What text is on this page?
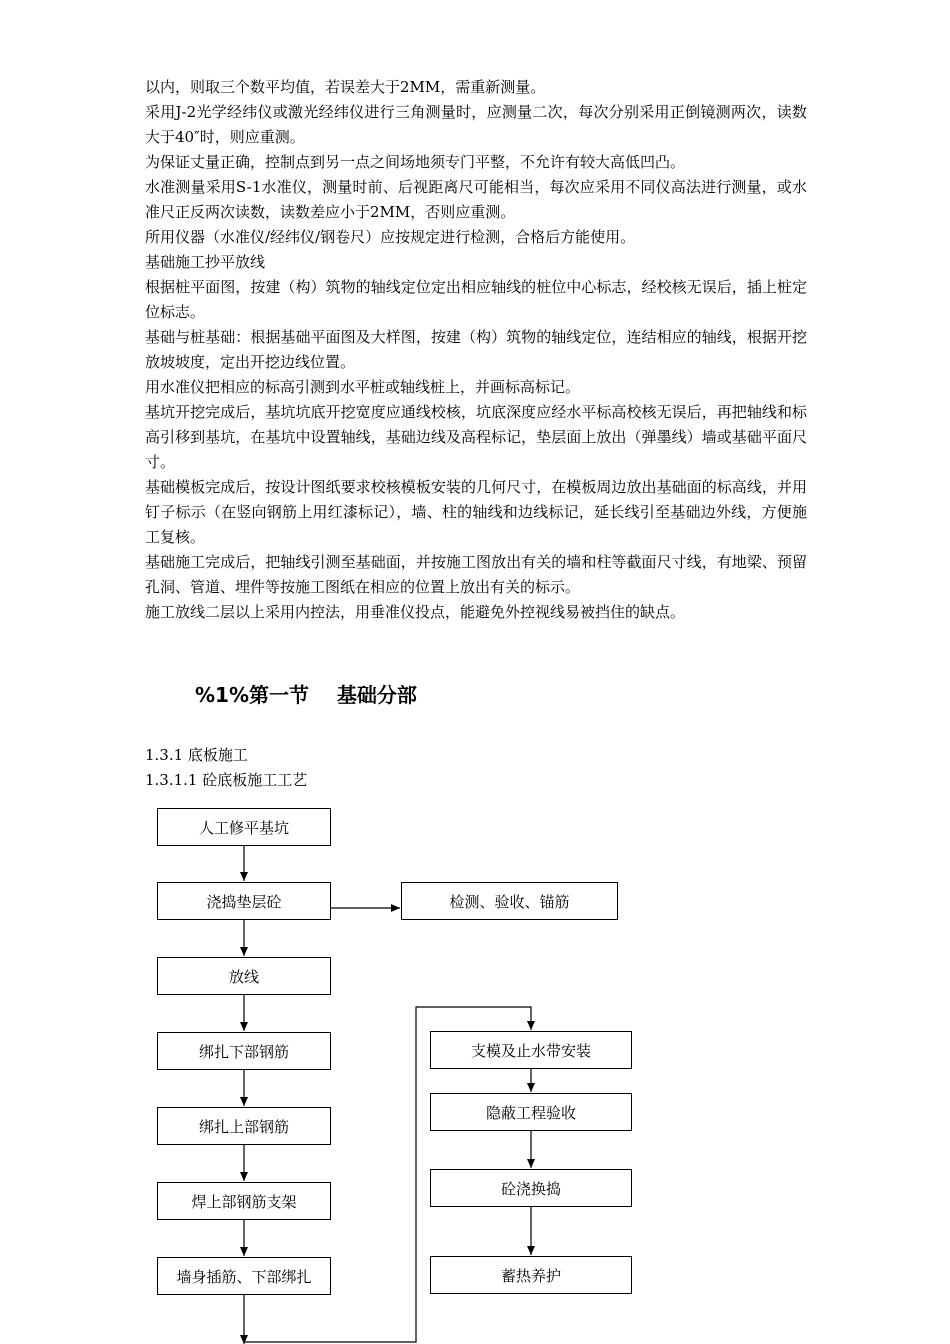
以内，则取三个数平均值，若误差大于2MM，需重新测量。

采用J-2光学经纬仪或激光经纬仪进行三角测量时，应测量二次，每次分别采用正倒镜测两次，读数大于40″时，则应重测。

为保证丈量正确，控制点到另一点之间场地须专门平整，不允许有较大高低凹凸。

水准测量采用S-1水准仪，测量时前、后视距离尺可能相当，每次应采用不同仪高法进行测量，或水准尺正反两次读数，读数差应小于2MM，否则应重测。

所用仪器（水准仪/经纬仪/钢卷尺）应按规定进行检测，合格后方能使用。

基础施工抄平放线

根据桩平面图，按建（构）筑物的轴线定位定出相应轴线的桩位中心标志，经校核无误后，插上桩定位标志。

基础与桩基础：根据基础平面图及大样图，按建（构）筑物的轴线定位，连结相应的轴线，根据开挖放坡坡度，定出开挖边线位置。

用水准仪把相应的标高引测到水平桩或轴线桩上，并画标高标记。

基坑开挖完成后，基坑坑底开挖宽度应通线校核，坑底深度应经水平标高校核无误后，再把轴线和标高引移到基坑，在基坑中设置轴线，基础边线及高程标记，垫层面上放出（弹墨线）墙或基础平面尺寸。

基础模板完成后，按设计图纸要求校核模板安装的几何尺寸，在模板周边放出基础面的标高线，并用钉子标示（在竖向钢筋上用红漆标记），墙、柱的轴线和边线标记，延长线引至基础边外线，方便施工复核。

基础施工完成后，把轴线引测至基础面，并按施工图放出有关的墙和柱等截面尺寸线，有地梁、预留孔洞、管道、埋件等按施工图纸在相应的位置上放出有关的标示。

施工放线二层以上采用内控法，用垂准仪投点，能避免外控视线易被挡住的缺点。

%1%第一节    基础分部
1.3.1 底板施工
1.3.1.1 砼底板施工工艺
人工修平基坑
浇捣垫层砼
放线
绑扎下部钢筋
绑扎上部钢筋
焊上部钢筋支架
墙身插筋、下部绑扎
检测、验收、锚筋
支模及止水带安装
隐蔽工程验收
砼浇换捣
蓄热养护
